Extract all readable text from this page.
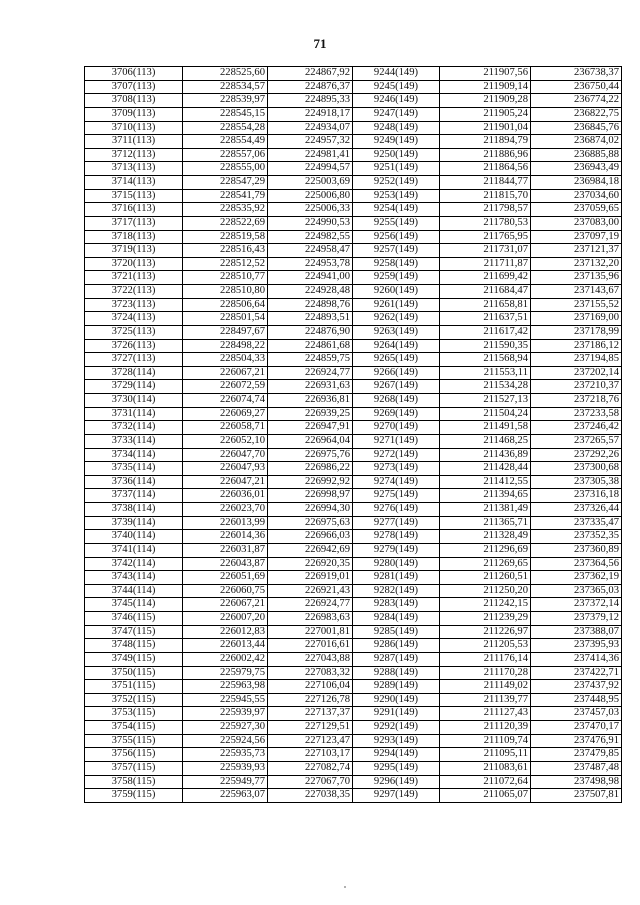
71
3706(113)	228525,60	224867,92	9244(149)	211907,56	236738,37
3707(113)	228534,57	224876,37	9245(149)	211909,14	236750,44
3708(113)	228539,97	224895,33	9246(149)	211909,28	236774,22
3709(113)	228545,15	224918,17	9247(149)	211905,24	236822,75
3710(113)	228554,28	224934,07	9248(149)	211901,04	236845,76
3711(113)	228554,49	224957,32	9249(149)	211894,79	236874,02
3712(113)	228557,06	224981,41	9250(149)	211886,96	236885,88
3713(113)	228555,00	224994,57	9251(149)	211864,56	236943,49
3714(113)	228547,29	225003,69	9252(149)	211844,77	236984,18
3715(113)	228541,79	225006,80	9253(149)	211815,70	237034,60
3716(113)	228535,92	225006,33	9254(149)	211798,57	237059,65
3717(113)	228522,69	224990,53	9255(149)	211780,53	237083,00
3718(113)	228519,58	224982,55	9256(149)	211765,95	237097,19
3719(113)	228516,43	224958,47	9257(149)	211731,07	237121,37
3720(113)	228512,52	224953,78	9258(149)	211711,87	237132,20
3721(113)	228510,77	224941,00	9259(149)	211699,42	237135,96
3722(113)	228510,80	224928,48	9260(149)	211684,47	237143,67
3723(113)	228506,64	224898,76	9261(149)	211658,81	237155,52
3724(113)	228501,54	224893,51	9262(149)	211637,51	237169,00
3725(113)	228497,67	224876,90	9263(149)	211617,42	237178,99
3726(113)	228498,22	224861,68	9264(149)	211590,35	237186,12
3727(113)	228504,33	224859,75	9265(149)	211568,94	237194,85
3728(114)	226067,21	226924,77	9266(149)	211553,11	237202,14
3729(114)	226072,59	226931,63	9267(149)	211534,28	237210,37
3730(114)	226074,74	226936,81	9268(149)	211527,13	237218,76
3731(114)	226069,27	226939,25	9269(149)	211504,24	237233,58
3732(114)	226058,71	226947,91	9270(149)	211491,58	237246,42
3733(114)	226052,10	226964,04	9271(149)	211468,25	237265,57
3734(114)	226047,70	226975,76	9272(149)	211436,89	237292,26
3735(114)	226047,93	226986,22	9273(149)	211428,44	237300,68
3736(114)	226047,21	226992,92	9274(149)	211412,55	237305,38
3737(114)	226036,01	226998,97	9275(149)	211394,65	237316,18
3738(114)	226023,70	226994,30	9276(149)	211381,49	237326,44
3739(114)	226013,99	226975,63	9277(149)	211365,71	237335,47
3740(114)	226014,36	226966,03	9278(149)	211328,49	237352,35
3741(114)	226031,87	226942,69	9279(149)	211296,69	237360,89
3742(114)	226043,87	226920,35	9280(149)	211269,65	237364,56
3743(114)	226051,69	226919,01	9281(149)	211260,51	237362,19
3744(114)	226060,75	226921,43	9282(149)	211250,20	237365,03
3745(114)	226067,21	226924,77	9283(149)	211242,15	237372,14
3746(115)	226007,20	226983,63	9284(149)	211239,29	237379,12
3747(115)	226012,83	227001,81	9285(149)	211226,97	237388,07
3748(115)	226013,44	227016,61	9286(149)	211205,53	237395,93
3749(115)	226002,42	227043,88	9287(149)	211176,14	237414,36
3750(115)	225979,75	227083,32	9288(149)	211170,28	237422,71
3751(115)	225963,98	227106,04	9289(149)	211149,02	237437,92
3752(115)	225945,55	227126,78	9290(149)	211139,77	237448,95
3753(115)	225939,97	227137,37	9291(149)	211127,43	237457,03
3754(115)	225927,30	227129,51	9292(149)	211120,39	237470,17
3755(115)	225924,56	227123,47	9293(149)	211109,74	237476,91
3756(115)	225935,73	227103,17	9294(149)	211095,11	237479,85
3757(115)	225939,93	227082,74	9295(149)	211083,61	237487,48
3758(115)	225949,77	227067,70	9296(149)	211072,64	237498,98
3759(115)	225963,07	227038,35	9297(149)	211065,07	237507,81
